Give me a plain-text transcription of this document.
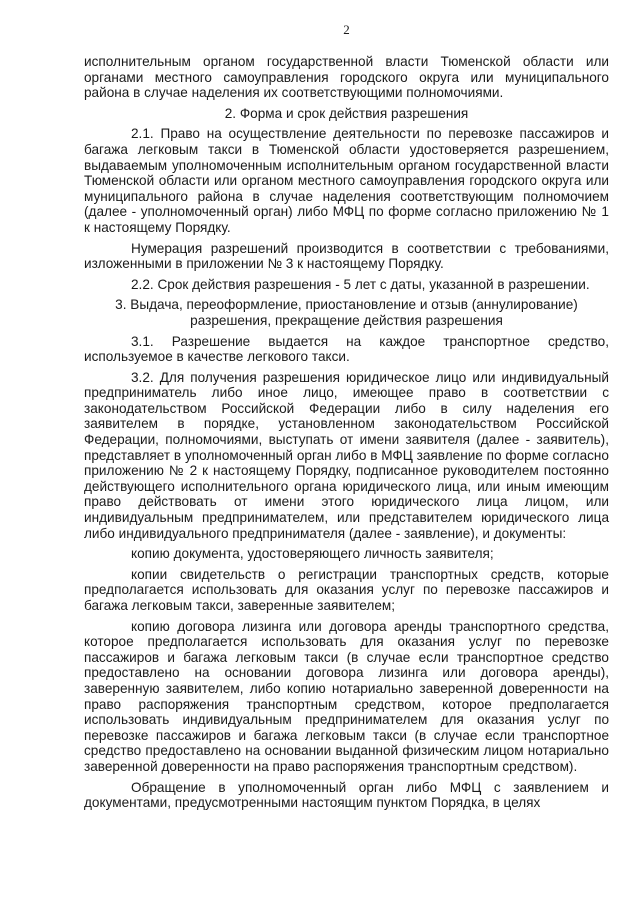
2

исполнительным органом государственной власти Тюменской области или органами местного самоуправления городского округа или муниципального района в случае наделения их соответствующими полномочиями.

2. Форма и срок действия разрешения

2.1. Право на осуществление деятельности по перевозке пассажиров и багажа легковым такси в Тюменской области удостоверяется разрешением, выдаваемым уполномоченным исполнительным органом государственной власти Тюменской области или органом местного самоуправления городского округа или муниципального района в случае наделения соответствующим полномочием (далее - уполномоченный орган) либо МФЦ по форме согласно приложению № 1 к настоящему Порядку.

Нумерация разрешений производится в соответствии с требованиями, изложенными в приложении № 3 к настоящему Порядку.

2.2. Срок действия разрешения - 5 лет с даты, указанной в разрешении.

3. Выдача, переоформление, приостановление и отзыв (аннулирование)

разрешения, прекращение действия разрешения

3.1. Разрешение выдается на каждое транспортное средство, используемое в качестве легкового такси.

3.2. Для получения разрешения юридическое лицо или индивидуальный предприниматель либо иное лицо, имеющее право в соответствии с законодательством Российской Федерации либо в силу наделения его заявителем в порядке, установленном законодательством Российской Федерации, полномочиями, выступать от имени заявителя (далее - заявитель), представляет в уполномоченный орган либо в МФЦ заявление по форме согласно приложению № 2 к настоящему Порядку, подписанное руководителем постоянно действующего исполнительного органа юридического лица, или иным имеющим право действовать от имени этого юридического лица лицом, или индивидуальным предпринимателем, или представителем юридического лица либо индивидуального предпринимателя (далее - заявление), и документы:

копию документа, удостоверяющего личность заявителя;

копии свидетельств о регистрации транспортных средств, которые предполагается использовать для оказания услуг по перевозке пассажиров и багажа легковым такси, заверенные заявителем;

копию договора лизинга или договора аренды транспортного средства, которое предполагается использовать для оказания услуг по перевозке пассажиров и багажа легковым такси (в случае если транспортное средство предоставлено на основании договора лизинга или договора аренды), заверенную заявителем, либо копию нотариально заверенной доверенности на право распоряжения транспортным средством, которое предполагается использовать индивидуальным предпринимателем для оказания услуг по перевозке пассажиров и багажа легковым такси (в случае если транспортное средство предоставлено на основании выданной физическим лицом нотариально заверенной доверенности на право распоряжения транспортным средством).

Обращение в уполномоченный орган либо МФЦ с заявлением и документами, предусмотренными настоящим пунктом Порядка, в целях
